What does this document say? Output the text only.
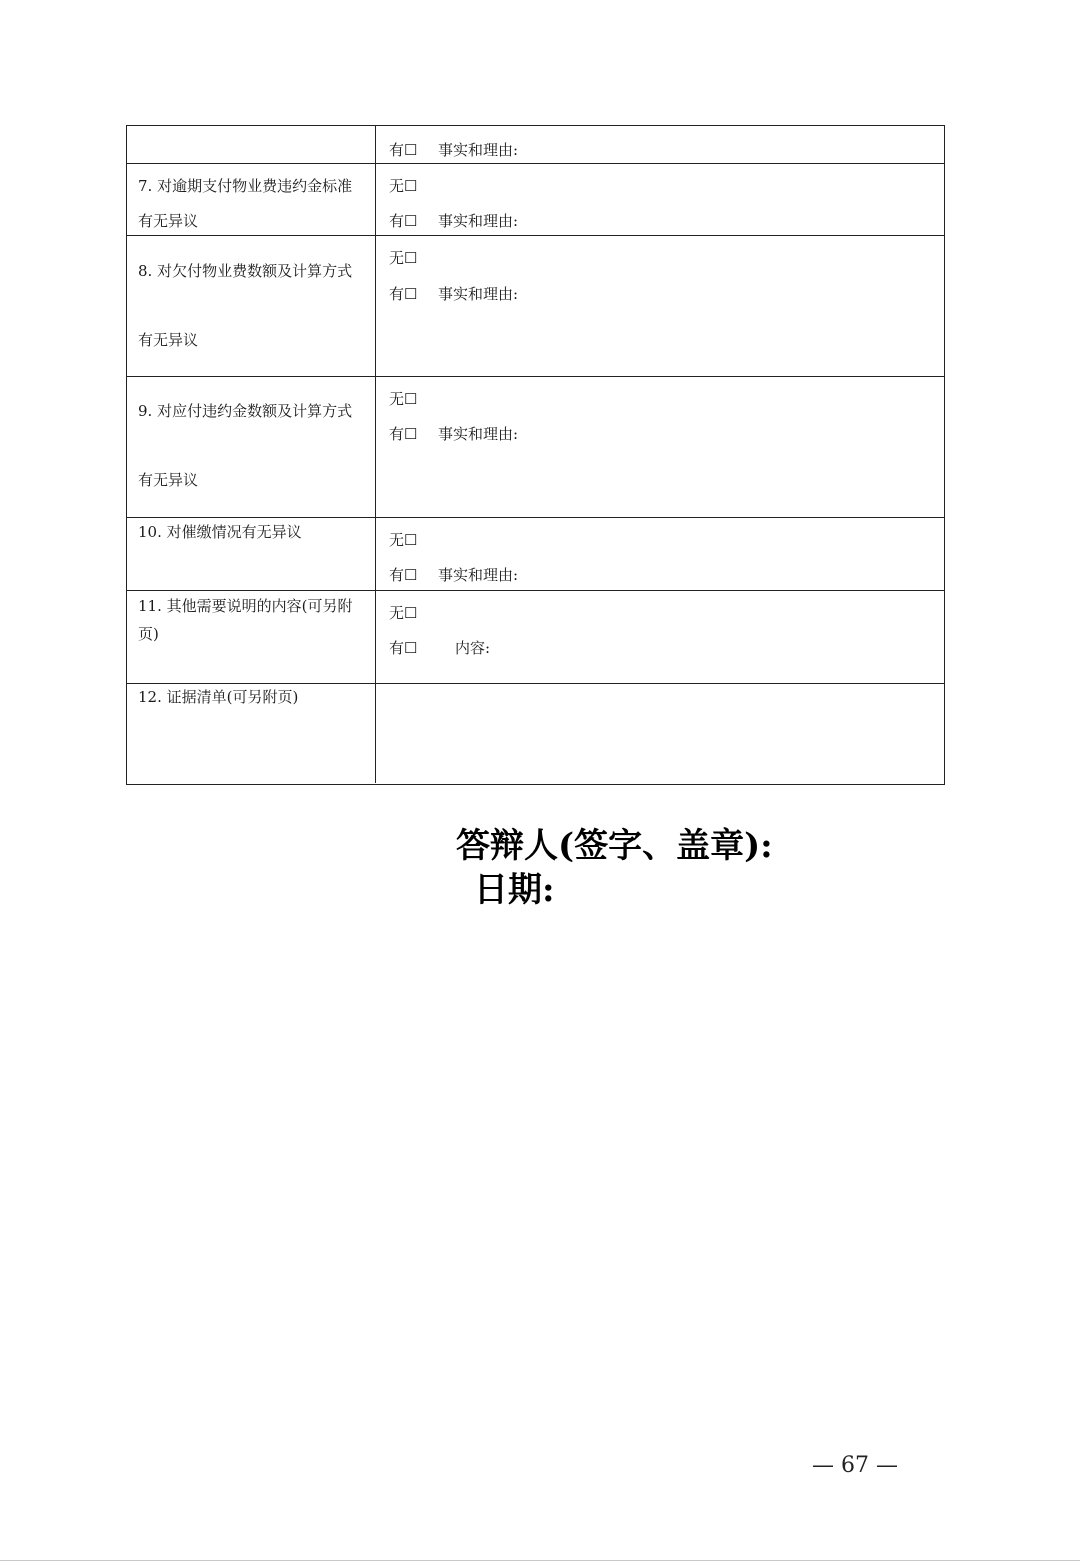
有☐ 事实和理由:
7. 对逾期支付物业费违约金标准
有无异议
无☐
有☐ 事实和理由:
8. 对欠付物业费数额及计算方式
有无异议
无☐
有☐ 事实和理由:
9. 对应付违约金数额及计算方式
有无异议
无☐
有☐ 事实和理由:
10. 对催缴情况有无异议	无☐
有☐ 事实和理由:
11. 其他需要说明的内容(可另附
页)
无☐
有☐	内容:
12. 证据清单(可另附页)
答辩人(签字、盖章):
日期:
— 67 —
